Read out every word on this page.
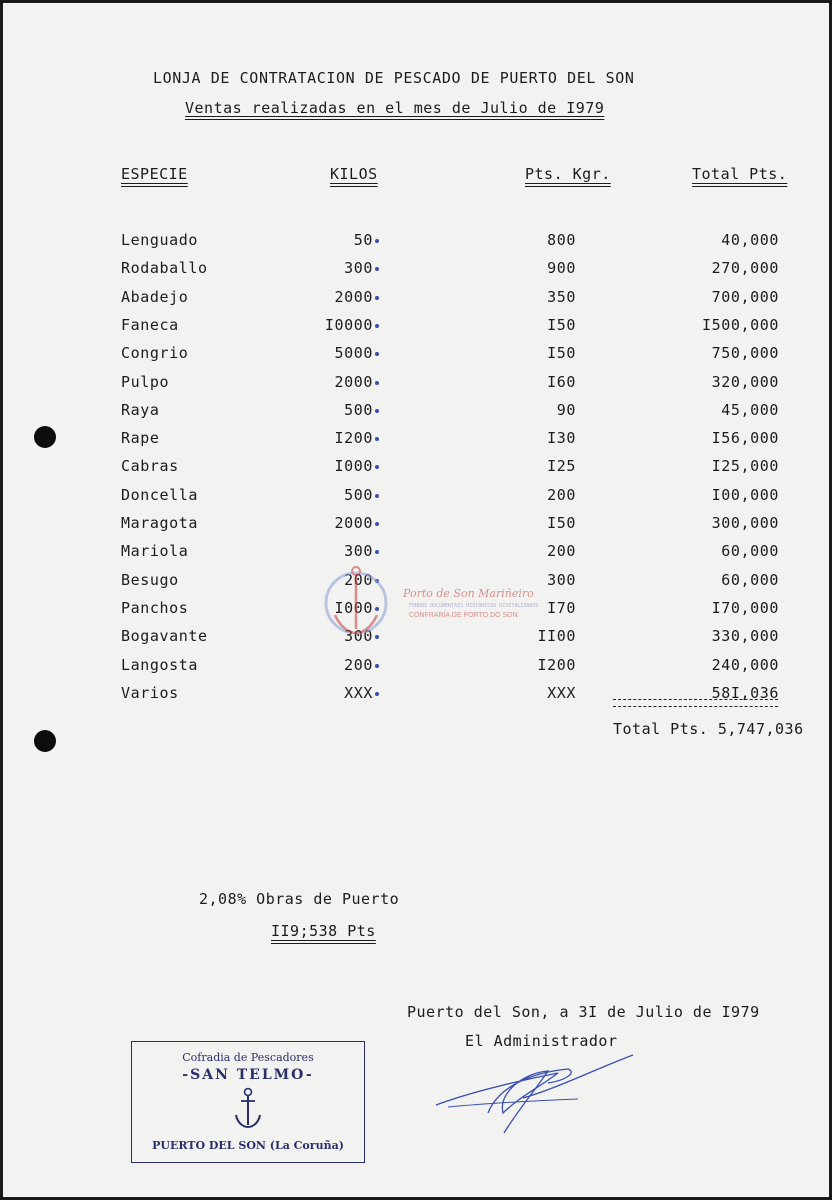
LONJA DE CONTRATACION DE PESCADO DE PUERTO DEL SON
Ventas realizadas en el mes de Julio de I979
ESPECIE	KILOS	Pts. Kgr.	Total Pts.
Lenguado	50	800	40,000
Rodaballo	300	900	270,000
Abadejo	2000	350	700,000
Faneca	I0000	I50	I500,000
Congrio	5000	I50	750,000
Pulpo	2000	I60	320,000
Raya	500	90	45,000
Rape	I200	I30	I56,000
Cabras	I000	I25	I25,000
Doncella	500	200	I00,000
Maragota	2000	I50	300,000
Mariola	300	200	60,000
Besugo	200	300	60,000
Panchos	I000	I70	I70,000
Bogavante	300	II00	330,000
Langosta	200	I200	240,000
Varios	XXX	XXX	58I,036
Total Pts. 5,747,036
2,08% Obras de Puerto
II9;538 Pts
Puerto del Son, a 3I de Julio de I979
El Administrador
Cofradia de Pescadores
-SAN TELMO-
PUERTO DEL SON (La Coruña)
Porto de Son Mariñeiro
FONDOS DOCUMENTAIS HISTÓRICOS DIXITALIZADOS
CONFRARÍA DE PORTO DO SON
